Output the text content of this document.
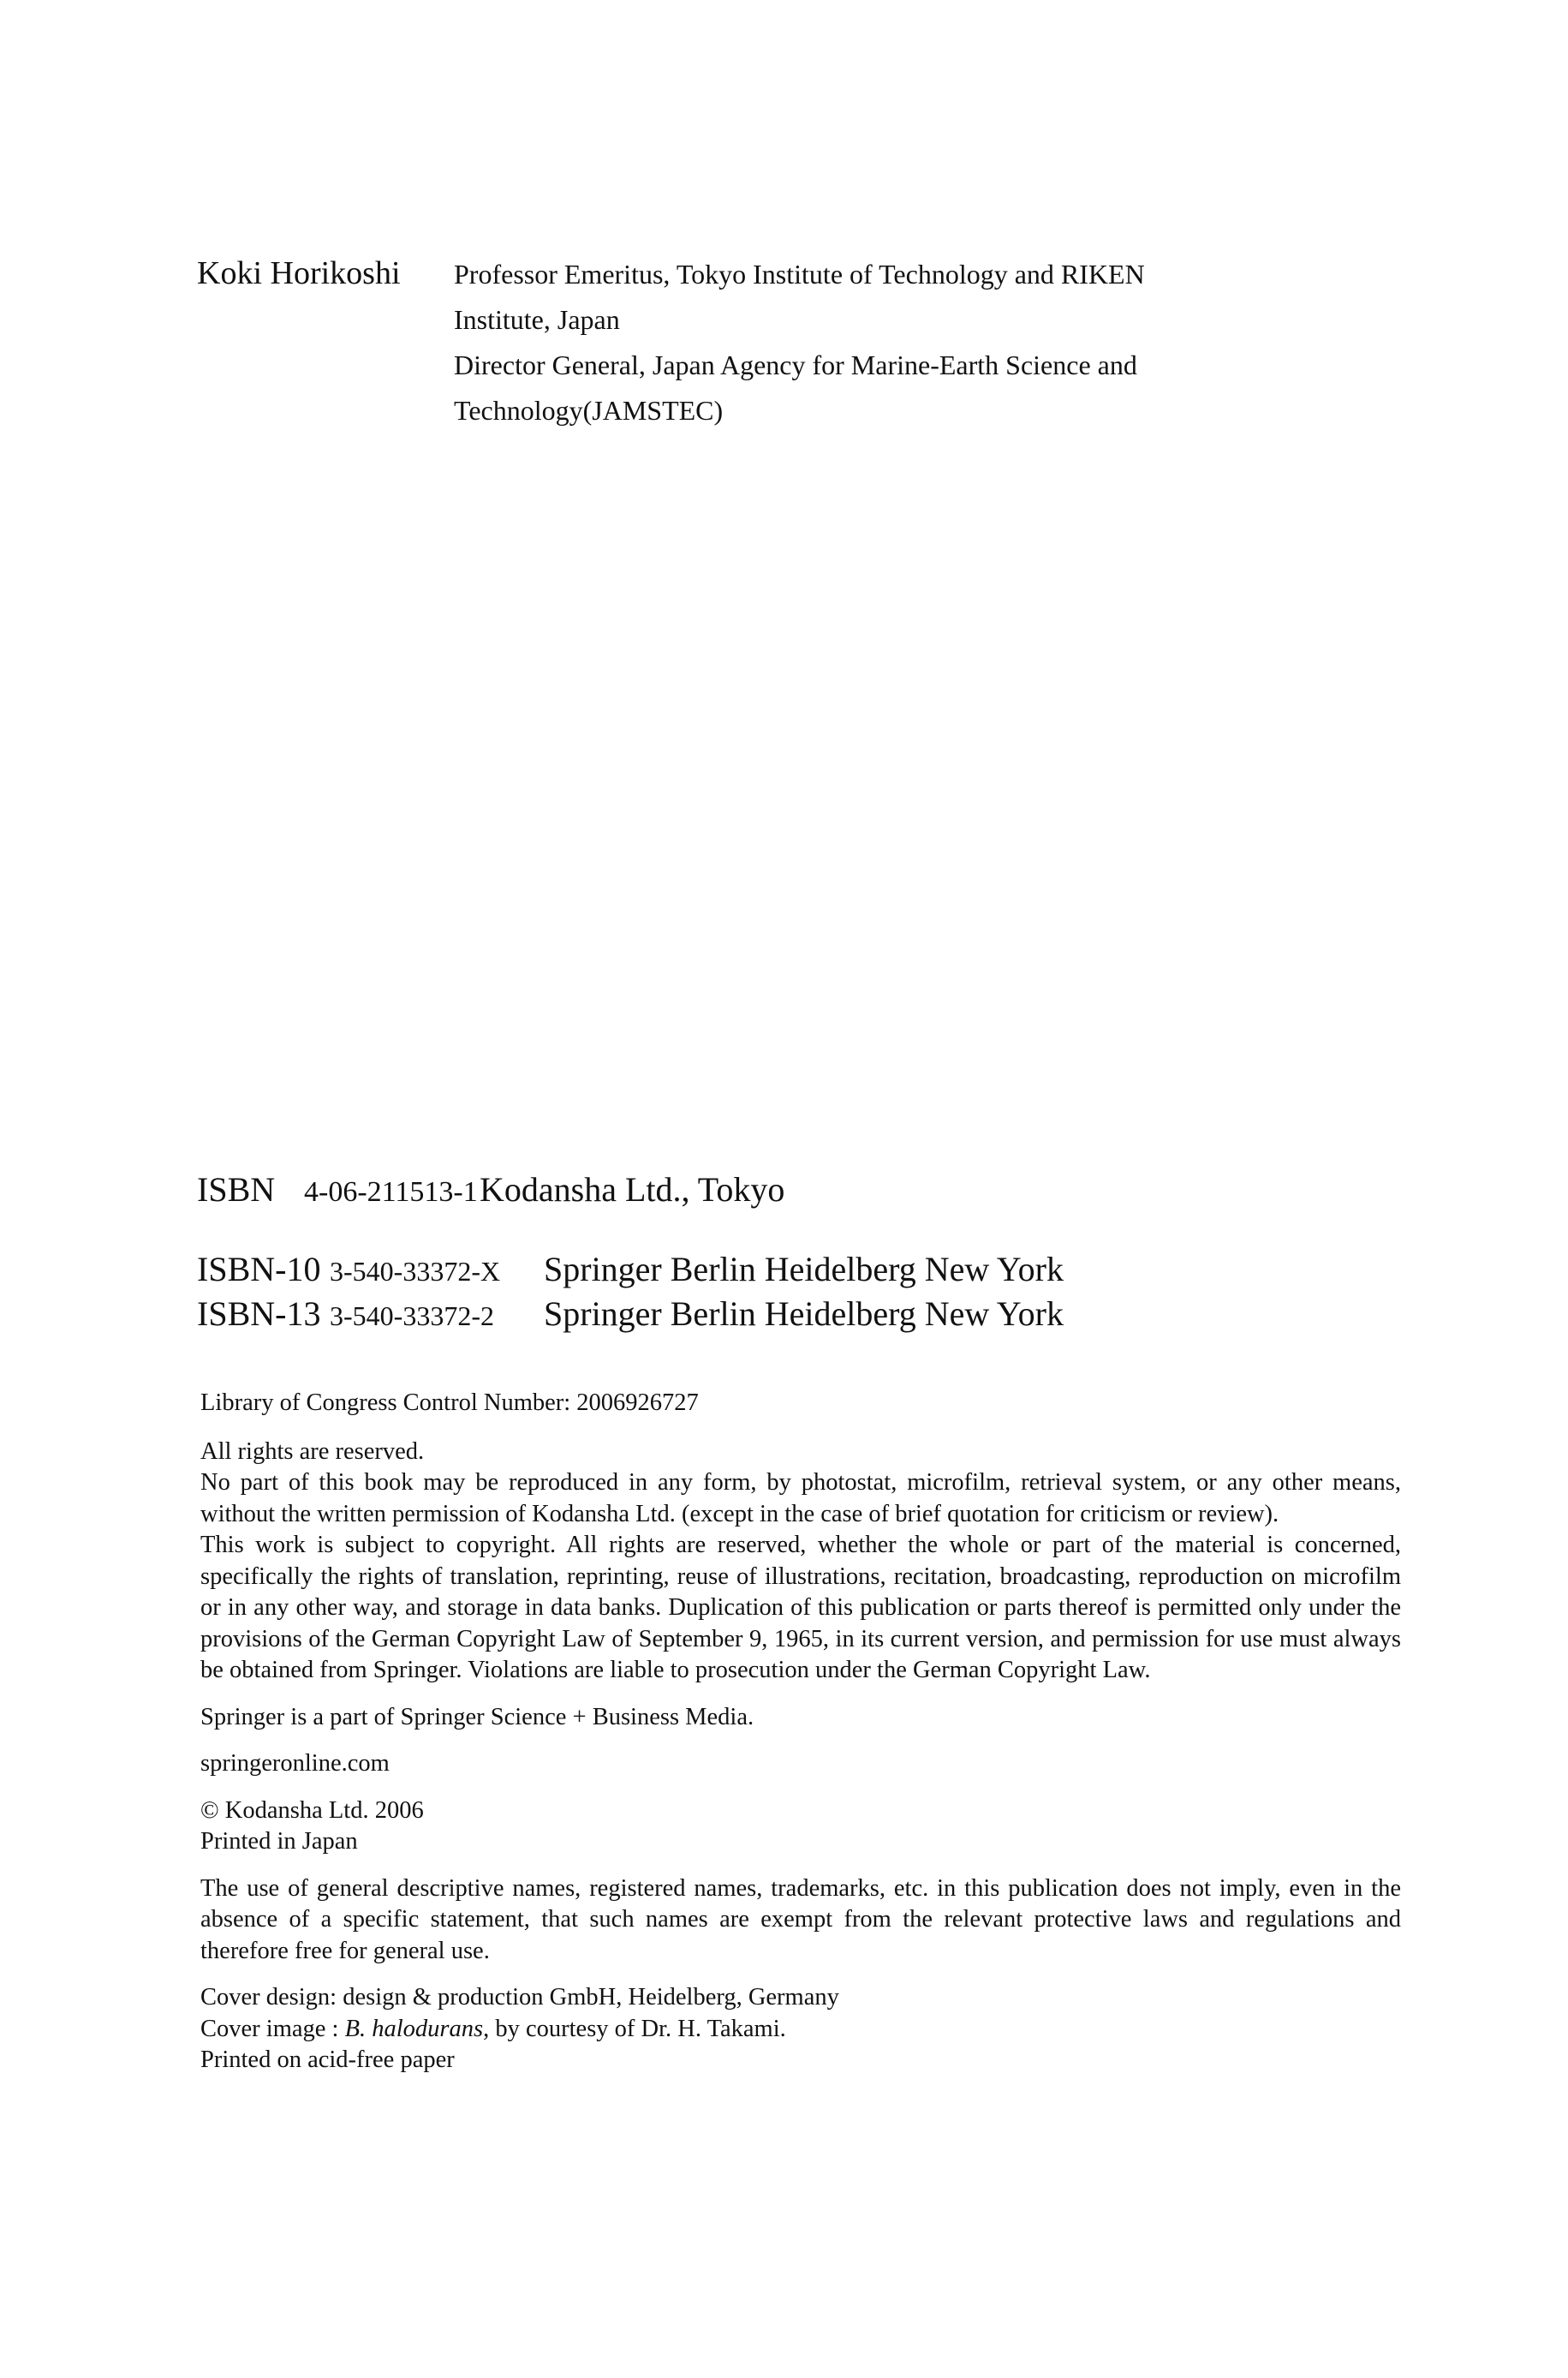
Koki Horikoshi Professor Emeritus, Tokyo Institute of Technology and RIKEN
Institute, Japan
Director General, Japan Agency for Marine-Earth Science and
Technology(JAMSTEC)
ISBN 4-06-211513-1Kodansha Ltd., Tokyo
ISBN-10 3-540-33372-X Springer Berlin Heidelberg New York
ISBN-13 3-540-33372-2 Springer Berlin Heidelberg New York

Library of Congress Control Number: 2006926727

All rights are reserved.

No part of this book may be reproduced in any form, by photostat, microfilm, retrieval system, or any other means, without the written permission of Kodansha Ltd. (except in the case of brief quotation for criticism or review).

This work is subject to copyright. All rights are reserved, whether the whole or part of the material is concerned, specifically the rights of translation, reprinting, reuse of illustrations, recitation, broadcasting, reproduction on microfilm or in any other way, and storage in data banks. Duplication of this publication or parts thereof is permitted only under the provisions of the German Copyright Law of September 9, 1965, in its current version, and permission for use must always be obtained from Springer. Violations are liable to prosecution under the German Copyright Law.

Springer is a part of Springer Science + Business Media.

springeronline.com

© Kodansha Ltd. 2006

Printed in Japan

The use of general descriptive names, registered names, trademarks, etc. in this publication does not imply, even in the absence of a specific statement, that such names are exempt from the relevant protective laws and regulations and therefore free for general use.

Cover design: design & production GmbH, Heidelberg, Germany

Cover image : B. halodurans, by courtesy of Dr. H. Takami.

Printed on acid-free paper
